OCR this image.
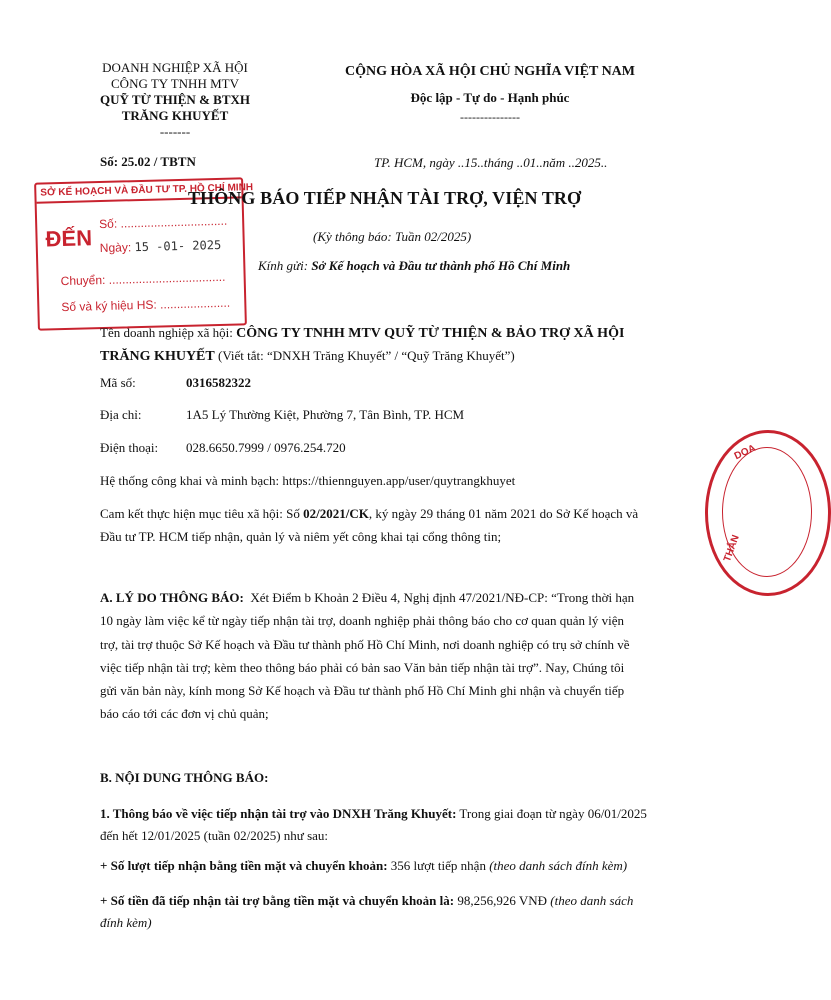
DOANH NGHIỆP XÃ HỘI
CÔNG TY TNHH MTV
QUỸ TỪ THIỆN & BTXH
TRĂNG KHUYẾT
-------
CỘNG HÒA XÃ HỘI CHỦ NGHĨA VIỆT NAM
Độc lập - Tự do - Hạnh phúc
---------------
Số: 25.02 / TBTN	TP. HCM, ngày ..15..tháng ..01..năm ..2025..
SỞ KẾ HOẠCH VÀ ĐẦU TƯ TP. HỒ CHÍ MINH
ĐẾN
Số: ................................
Ngày: 15 -01- 2025
Chuyển: ...................................
Số và ký hiệu HS: .....................
THÔNG BÁO TIẾP NHẬN TÀI TRỢ, VIỆN TRỢ
(Kỳ thông báo: Tuần 02/2025)
Kính gửi: Sở Kế hoạch và Đầu tư thành phố Hồ Chí Minh
DOA
THÂN
Tên doanh nghiệp xã hội: CÔNG TY TNHH MTV QUỸ TỪ THIỆN & BẢO TRỢ XÃ HỘI
TRĂNG KHUYẾT (Viết tắt: “DNXH Trăng Khuyết” / “Quỹ Trăng Khuyết”)
Mã số:	0316582322
Địa chỉ:	1A5 Lý Thường Kiệt, Phường 7, Tân Bình, TP. HCM
Điện thoại: 028.6650.7999 / 0976.254.720
Hệ thống công khai và minh bạch: https://thiennguyen.app/user/quytrangkhuyet
Cam kết thực hiện mục tiêu xã hội: Số 02/2021/CK, ký ngày 29 tháng 01 năm 2021 do Sở Kế hoạch và
Đầu tư TP. HCM tiếp nhận, quản lý và niêm yết công khai tại cổng thông tin;
A. LÝ DO THÔNG BÁO: Xét Điểm b Khoản 2 Điều 4, Nghị định 47/2021/NĐ-CP: “Trong thời hạn
10 ngày làm việc kể từ ngày tiếp nhận tài trợ, doanh nghiệp phải thông báo cho cơ quan quản lý viện
trợ, tài trợ thuộc Sở Kế hoạch và Đầu tư thành phố Hồ Chí Minh, nơi doanh nghiệp có trụ sở chính về
việc tiếp nhận tài trợ; kèm theo thông báo phải có bản sao Văn bản tiếp nhận tài trợ”. Nay, Chúng tôi
gửi văn bản này, kính mong Sở Kế hoạch và Đầu tư thành phố Hồ Chí Minh ghi nhận và chuyển tiếp
báo cáo tới các đơn vị chủ quản;
B. NỘI DUNG THÔNG BÁO:
1. Thông báo về việc tiếp nhận tài trợ vào DNXH Trăng Khuyết: Trong giai đoạn từ ngày 06/01/2025
đến hết 12/01/2025 (tuần 02/2025) như sau:
+ Số lượt tiếp nhận bằng tiền mặt và chuyển khoản: 356 lượt tiếp nhận (theo danh sách đính kèm)
+ Số tiền đã tiếp nhận tài trợ bằng tiền mặt và chuyển khoản là: 98,256,926 VNĐ (theo danh sách
đính kèm)
